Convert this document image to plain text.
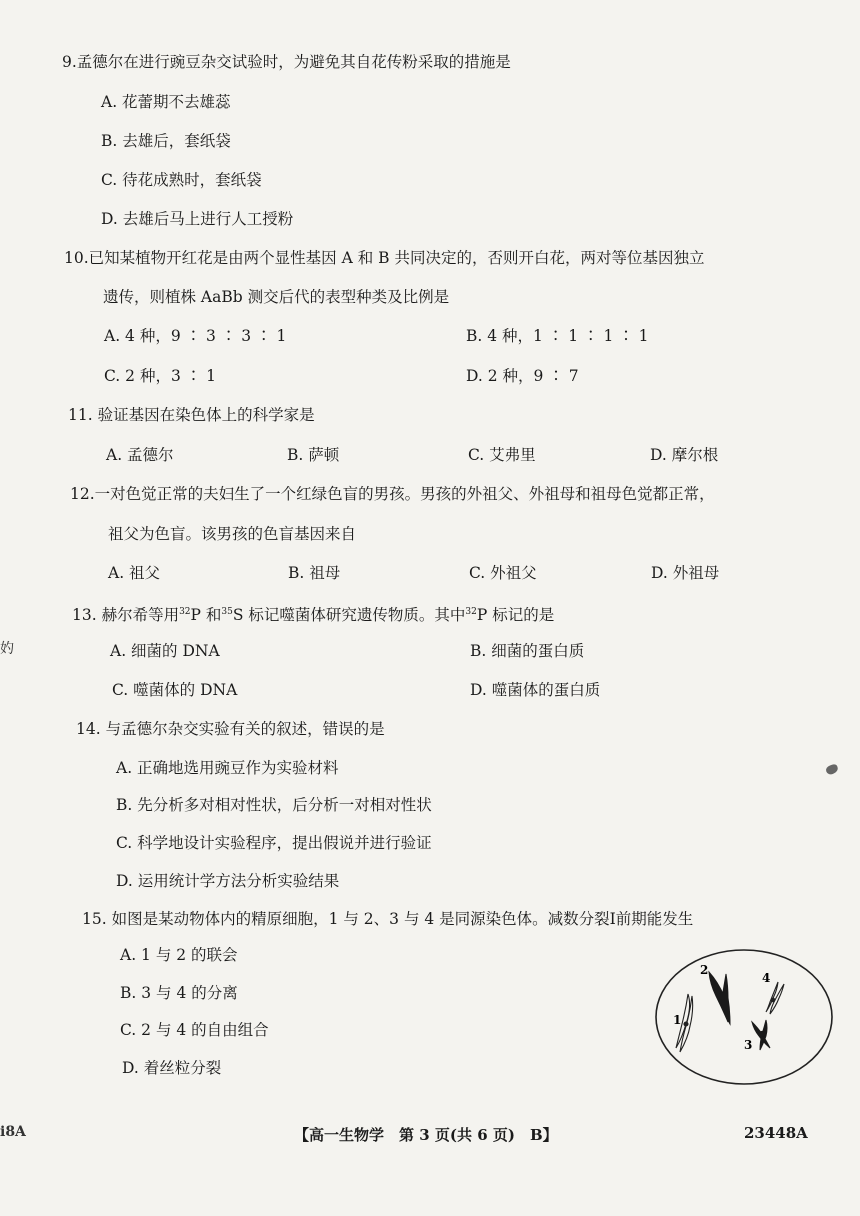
9.孟德尔在进行豌豆杂交试验时，为避免其自花传粉采取的措施是
A. 花蕾期不去雄蕊
B. 去雄后，套纸袋
C. 待花成熟时，套纸袋
D. 去雄后马上进行人工授粉
10.已知某植物开红花是由两个显性基因 A 和 B 共同决定的，否则开白花，两对等位基因独立
遗传，则植株 AaBb 测交后代的表型种类及比例是
A. 4 种，9 ∶ 3 ∶ 3 ∶ 1	B. 4 种，1 ∶ 1 ∶ 1 ∶ 1
C. 2 种，3 ∶ 1	D. 2 种，9 ∶ 7
11. 验证基因在染色体上的科学家是
A. 孟德尔	B. 萨顿	C. 艾弗里	D. 摩尔根
12.一对色觉正常的夫妇生了一个红绿色盲的男孩。男孩的外祖父、外祖母和祖母色觉都正常，
祖父为色盲。该男孩的色盲基因来自
A. 祖父	B. 祖母	C. 外祖父	D. 外祖母
13. 赫尔希等用$^{32}$P 和$^{35}$S 标记噬菌体研究遗传物质。其中$^{32}$P 标记的是
A. 细菌的 DNA	B. 细菌的蛋白质
C. 噬菌体的 DNA	D. 噬菌体的蛋白质
14. 与孟德尔杂交实验有关的叙述，错误的是
A. 正确地选用豌豆作为实验材料
B. 先分析多对相对性状，后分析一对相对性状
C. 科学地设计实验程序，提出假说并进行验证
D. 运用统计学方法分析实验结果
15. 如图是某动物体内的精原细胞，1 与 2、3 与 4 是同源染色体。减数分裂Ⅰ前期能发生
A. 1 与 2 的联会
B. 3 与 4 的分离
C. 2 与 4 的自由组合
D. 着丝粒分裂
1
2
3
4
妁
i8A	【高一生物学　第 3 页(共 6 页)　B】	23448A
